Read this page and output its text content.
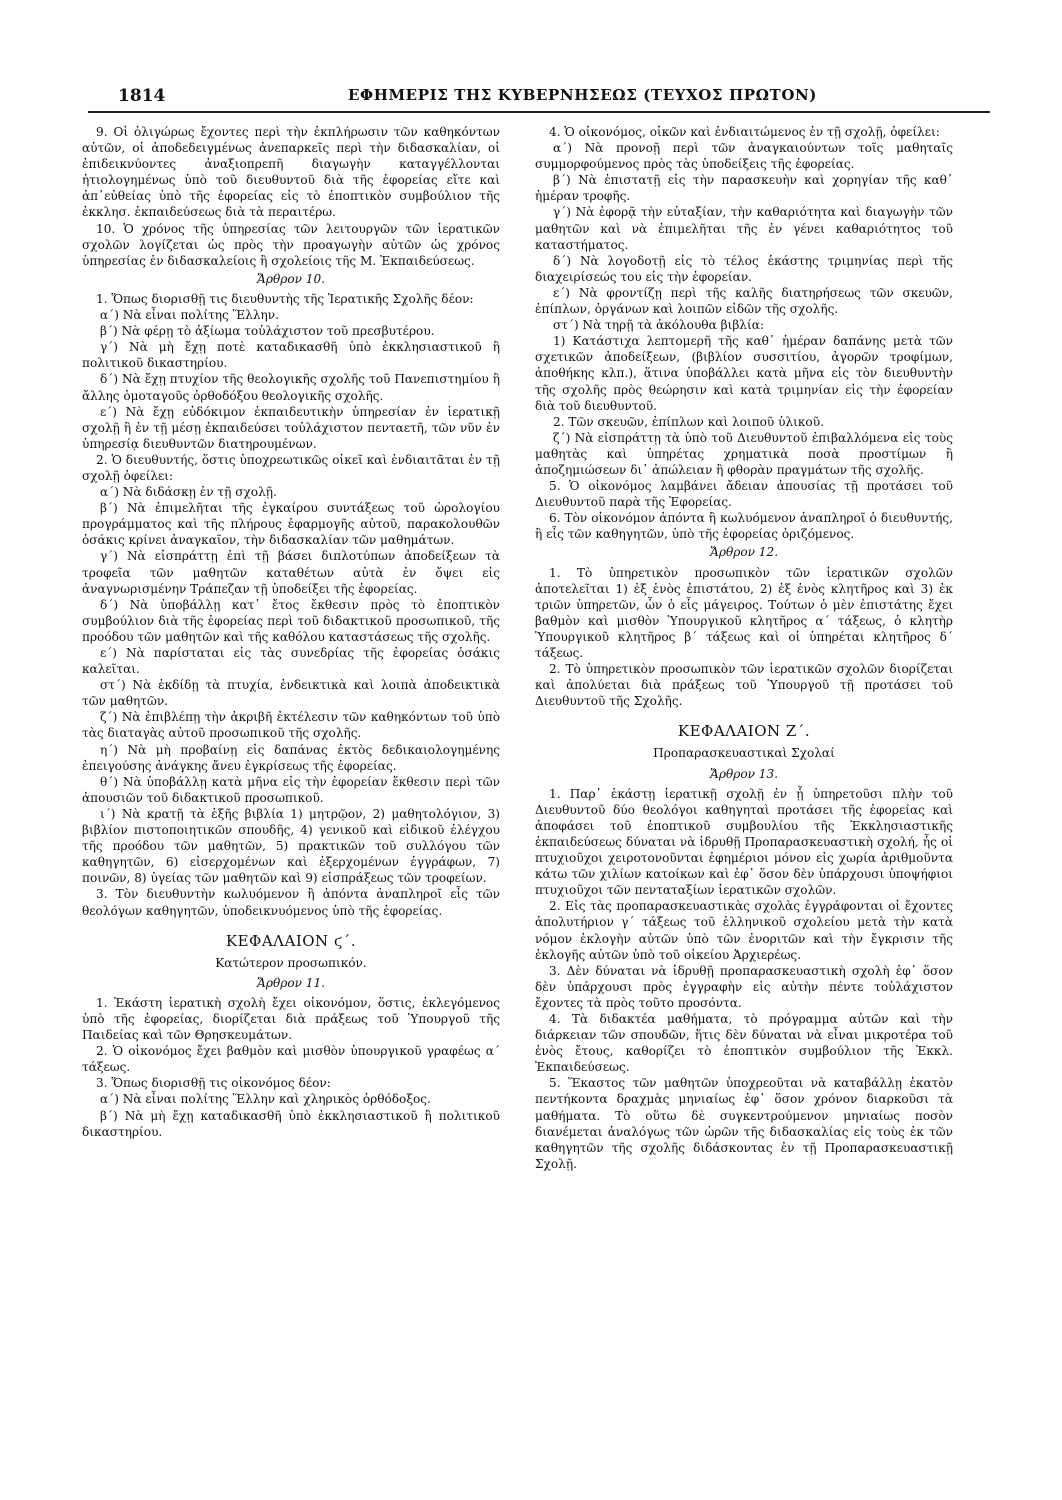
1814	ΕΦΗΜΕΡΙΣ ΤΗΣ ΚΥΒΕΡΝΗΣΕΩΣ (ΤΕΥΧΟΣ ΠΡΩΤΟΝ)

9. Οἱ ὀλιγώρως ἔχοντες περὶ τὴν ἐκπλήρωσιν τῶν καθηκόντων αὐτῶν, οἱ ἀποδεδειγμένως ἀνεπαρκεῖς περὶ τὴν διδασκαλίαν, οἱ ἐπιδεικνύοντες ἀναξιοπρεπῆ διαγωγὴν καταγγέλλονται ἠτιολογημένως ὑπὸ τοῦ διευθυντοῦ διὰ τῆς ἐφορείας εἴτε καὶ ἀπ᾽εὐθείας ὑπὸ τῆς ἐφορείας εἰς τὸ ἐποπτικὸν συμβούλιον τῆς ἐκκλησ. ἐκπαιδεύσεως διὰ τὰ περαιτέρω.

10. Ὁ χρόνος τῆς ὑπηρεσίας τῶν λειτουργῶν τῶν ἱερατικῶν σχολῶν λογίζεται ὡς πρὸς τὴν προαγωγὴν αὐτῶν ὡς χρόνος ὑπηρεσίας ἐν διδασκαλείοις ἢ σχολείοις τῆς Μ. Ἐκπαιδεύσεως.

Ἄρθρον 10.

1. Ὅπως διορισθῇ τις διευθυντὴς τῆς Ἱερατικῆς Σχολῆς δέον:

α´) Νὰ εἶναι πολίτης Ἕλλην.

β´) Νὰ φέρῃ τὸ ἀξίωμα τοὐλάχιστον τοῦ πρεσβυτέρου.

γ´) Νὰ μὴ ἔχῃ ποτὲ καταδικασθῆ ὑπὸ ἐκκλησιαστικοῦ ἢ πολιτικοῦ δικαστηρίου.

δ´) Νὰ ἔχῃ πτυχίον τῆς θεολογικῆς σχολῆς τοῦ Πανεπιστημίου ἢ ἄλλης ὁμοταγοῦς ὀρθοδόξου θεολογικῆς σχολῆς.

ε´) Νὰ ἔχῃ εὐδόκιμον ἐκπαιδευτικὴν ὑπηρεσίαν ἐν ἱερατικῇ σχολῇ ἢ ἐν τῇ μέσῃ ἐκπαιδεύσει τοὐλάχιστον πενταετῆ, τῶν νῦν ἐν ὑπηρεσίᾳ διευθυντῶν διατηρουμένων.

2. Ὁ διευθυντής, ὅστις ὑποχρεωτικῶς οἰκεῖ καὶ ἐνδιαιτᾶται ἐν τῇ σχολῇ ὀφείλει:

α´) Νὰ διδάσκῃ ἐν τῇ σχολῇ.

β´) Νὰ ἐπιμελῆται τῆς ἐγκαίρου συντάξεως τοῦ ὡρολογίου προγράμματος καὶ τῆς πλήρους ἐφαρμογῆς αὐτοῦ, παρακολουθῶν ὁσάκις κρίνει ἀναγκαῖον, τὴν διδασκαλίαν τῶν μαθημάτων.

γ´) Νὰ εἰσπράττῃ ἐπὶ τῇ βάσει διπλοτύπων ἀποδείξεων τὰ τροφεῖα τῶν μαθητῶν καταθέτων αὐτὰ ἐν ὄψει εἰς ἀναγνωρισμένην Τράπεζαν τῇ ὑποδείξει τῆς ἐφορείας.

δ´) Νὰ ὑποβάλλῃ κατ᾽ ἔτος ἔκθεσιν πρὸς τὸ ἐποπτικὸν συμβούλιον διὰ τῆς ἐφορείας περὶ τοῦ διδακτικοῦ προσωπικοῦ, τῆς προόδου τῶν μαθητῶν καὶ τῆς καθόλου καταστάσεως τῆς σχολῆς.

ε´) Νὰ παρίσταται εἰς τὰς συνεδρίας τῆς ἐφορείας ὁσάκις καλεῖται.

στ´) Νὰ ἐκδίδῃ τὰ πτυχία, ἐνδεικτικὰ καὶ λοιπὰ ἀποδεικτικὰ τῶν μαθητῶν.

ζ´) Νὰ ἐπιβλέπῃ τὴν ἀκριβῆ ἐκτέλεσιν τῶν καθηκόντων τοῦ ὑπὸ τὰς διαταγὰς αὐτοῦ προσωπικοῦ τῆς σχολῆς.

η´) Νὰ μὴ προβαίνῃ εἰς δαπάνας ἐκτὸς δεδικαιολογημένης ἐπειγούσης ἀνάγκης ἄνευ ἐγκρίσεως τῆς ἐφορείας.

θ´) Νὰ ὑποβάλλῃ κατὰ μῆνα εἰς τὴν ἐφορείαν ἔκθεσιν περὶ τῶν ἀπουσιῶν τοῦ διδακτικοῦ προσωπικοῦ.

ι´) Νὰ κρατῇ τὰ ἑξῆς βιβλία 1) μητρῷον, 2) μαθητολόγιον, 3) βιβλίον πιστοποιητικῶν σπουδῆς, 4) γενικοῦ καὶ εἰδικοῦ ἐλέγχου τῆς προόδου τῶν μαθητῶν, 5) πρακτικῶν τοῦ συλλόγου τῶν καθηγητῶν, 6) εἰσερχομένων καὶ ἐξερχομένων ἐγγράφων, 7) ποινῶν, 8) ὑγείας τῶν μαθητῶν καὶ 9) εἰσπράξεως τῶν τροφείων.

3. Τὸν διευθυντὴν κωλυόμενον ἢ ἀπόντα ἀναπληροῖ εἷς τῶν θεολόγων καθηγητῶν, ὑποδεικνυόμενος ὑπὸ τῆς ἐφορείας.

ΚΕΦΑΛΑΙΟΝ ϛ´.

Κατώτερον προσωπικόν.

Ἄρθρον 11.

1. Ἑκάστη ἱερατικὴ σχολὴ ἔχει οἰκονόμον, ὅστις, ἐκλεγόμενος ὑπὸ τῆς ἐφορείας, διορίζεται διὰ πράξεως τοῦ Ὑπουργοῦ τῆς Παιδείας καὶ τῶν Θρησκευμάτων.

2. Ὁ οἰκονόμος ἔχει βαθμὸν καὶ μισθὸν ὑπουργικοῦ γραφέως α´ τάξεως.

3. Ὅπως διορισθῇ τις οἰκονόμος δέον:

α´) Νὰ εἶναι πολίτης Ἕλλην καὶ χληρικὸς ὀρθόδοξος.

β´) Νὰ μὴ ἔχῃ καταδικασθῆ ὑπὸ ἐκκλησιαστικοῦ ἢ πολιτικοῦ δικαστηρίου.

4. Ὁ οἰκονόμος, οἰκῶν καὶ ἐνδιαιτώμενος ἐν τῇ σχολῇ, ὀφείλει:

α´) Νὰ προνοῇ περὶ τῶν ἀναγκαιούντων τοῖς μαθηταῖς συμμορφούμενος πρὸς τὰς ὑποδείξεις τῆς ἐφορείας.

β´) Νὰ ἐπιστατῇ εἰς τὴν παρασκευὴν καὶ χορηγίαν τῆς καθ᾽ ἡμέραν τροφῆς.

γ´) Νὰ ἐφορᾷ τὴν εὐταξίαν, τὴν καθαριότητα καὶ διαγωγὴν τῶν μαθητῶν καὶ νὰ ἐπιμελῆται τῆς ἐν γένει καθαριότητος τοῦ καταστήματος.

δ´) Νὰ λογοδοτῇ εἰς τὸ τέλος ἑκάστης τριμηνίας περὶ τῆς διαχειρίσεώς του εἰς τὴν ἐφορείαν.

ε´) Νὰ φροντίζῃ περὶ τῆς καλῆς διατηρήσεως τῶν σκευῶν, ἐπίπλων, ὀργάνων καὶ λοιπῶν εἰδῶν τῆς σχολῆς.

στ´) Νὰ τηρῇ τὰ ἀκόλουθα βιβλία:

1) Κατάστιχα λεπτομερῆ τῆς καθ᾽ ἡμέραν δαπάνης μετὰ τῶν σχετικῶν ἀποδείξεων, (βιβλίον συσσιτίου, ἀγορῶν τροφίμων, ἀποθήκης κλπ.), ἅτινα ὑποβάλλει κατὰ μῆνα εἰς τὸν διευθυντὴν τῆς σχολῆς πρὸς θεώρησιν καὶ κατὰ τριμηνίαν εἰς τὴν ἐφορείαν διὰ τοῦ διευθυντοῦ.

2. Τῶν σκευῶν, ἐπίπλων καὶ λοιποῦ ὑλικοῦ.

ζ´) Νὰ εἰσπράττῃ τὰ ὑπὸ τοῦ Διευθυντοῦ ἐπιβαλλόμενα εἰς τοὺς μαθητὰς καὶ ὑπηρέτας χρηματικὰ ποσὰ προστίμων ἢ ἀποζημιώσεων δι᾽ ἀπώλειαν ἢ φθορὰν πραγμάτων τῆς σχολῆς.

5. Ὁ οἰκονόμος λαμβάνει ἄδειαν ἀπουσίας τῇ προτάσει τοῦ Διευθυντοῦ παρὰ τῆς Ἐφορείας.

6. Τὸν οἰκονόμον ἀπόντα ἢ κωλυόμενον ἀναπληροῖ ὁ διευθυντής, ἢ εἷς τῶν καθηγητῶν, ὑπὸ τῆς ἐφορείας ὁριζόμενος.

Ἄρθρον 12.

1. Τὸ ὑπηρετικὸν προσωπικὸν τῶν ἱερατικῶν σχολῶν ἀποτελεῖται 1) ἐξ ἑνὸς ἐπιστάτου, 2) ἐξ ἑνὸς κλητῆρος καὶ 3) ἐκ τριῶν ὑπηρετῶν, ὧν ὁ εἷς μάγειρος. Τούτων ὁ μὲν ἐπιστάτης ἔχει βαθμὸν καὶ μισθὸν Ὑπουργικοῦ κλητῆρος α´ τάξεως, ὁ κλητὴρ Ὑπουργικοῦ κλητῆρος β´ τάξεως καὶ οἱ ὑπηρέται κλητῆρος δ´ τάξεως.

2. Τὸ ὑπηρετικὸν προσωπικὸν τῶν ἱερατικῶν σχολῶν διορίζεται καὶ ἀπολύεται διὰ πράξεως τοῦ Ὑπουργοῦ τῇ προτάσει τοῦ Διευθυντοῦ τῆς Σχολῆς.

ΚΕΦΑΛΑΙΟΝ Ζ´.

Προπαρασκευαστικαὶ Σχολαί

Ἄρθρον 13.

1. Παρ᾽ ἑκάστῃ ἱερατικῇ σχολῇ ἐν ᾗ ὑπηρετοῦσι πλὴν τοῦ Διευθυντοῦ δύο θεολόγοι καθηγηταὶ προτάσει τῆς ἐφορείας καὶ ἀποφάσει τοῦ ἐποπτικοῦ συμβουλίου τῆς Ἐκκλησιαστικῆς ἐκπαιδεύσεως δύναται νὰ ἱδρυθῇ Προπαρασκευαστικὴ σχολή, ἧς οἱ πτυχιοῦχοι χειροτονοῦνται ἐφημέριοι μόνον εἰς χωρία ἀριθμοῦντα κάτω τῶν χιλίων κατοίκων καὶ ἐφ᾽ ὅσον δὲν ὑπάρχουσι ὑποψήφιοι πτυχιοῦχοι τῶν πενταταξίων ἱερατικῶν σχολῶν.

2. Εἰς τὰς προπαρασκευαστικὰς σχολὰς ἐγγράφονται οἱ ἔχοντες ἀπολυτήριον γ´ τάξεως τοῦ ἑλληνικοῦ σχολείου μετὰ τὴν κατὰ νόμον ἐκλογὴν αὐτῶν ὑπὸ τῶν ἐνοριτῶν καὶ τὴν ἔγκρισιν τῆς ἐκλογῆς αὐτῶν ὑπὸ τοῦ οἰκείου Ἀρχιερέως.

3. Δὲν δύναται νὰ ἱδρυθῇ προπαρασκευαστικὴ σχολὴ ἐφ᾽ ὅσον δὲν ὑπάρχουσι πρὸς ἐγγραφὴν εἰς αὐτὴν πέντε τοὐλάχιστον ἔχοντες τὰ πρὸς τοῦτο προσόντα.

4. Τὰ διδακτέα μαθήματα, τὸ πρόγραμμα αὐτῶν καὶ τὴν διάρκειαν τῶν σπουδῶν, ἥτις δὲν δύναται νὰ εἶναι μικροτέρα τοῦ ἑνὸς ἔτους, καθορίζει τὸ ἐποπτικὸν συμβούλιον τῆς Ἐκκλ. Ἐκπαιδεύσεως.

5. Ἕκαστος τῶν μαθητῶν ὑποχρεοῦται νὰ καταβάλλῃ ἑκατὸν πεντήκοντα δραχμὰς μηνιαίως ἐφ᾽ ὅσον χρόνον διαρκοῦσι τὰ μαθήματα. Τὸ οὕτω δὲ συγκεντρούμενον μηνιαίως ποσὸν διανέμεται ἀναλόγως τῶν ὡρῶν τῆς διδασκαλίας εἰς τοὺς ἐκ τῶν καθηγητῶν τῆς σχολῆς διδάσκοντας ἐν τῇ Προπαρασκευαστικῇ Σχολῇ.
